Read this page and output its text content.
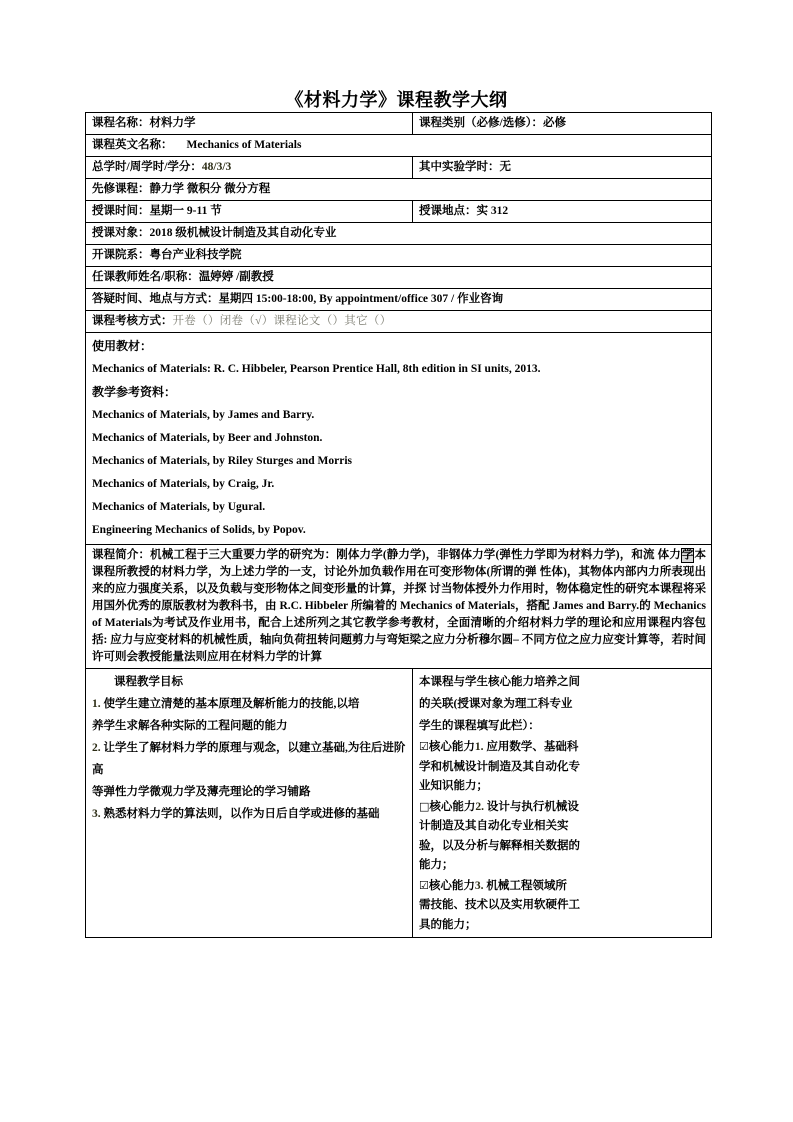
《材料力学》课程教学大纲
课程名称：材料力学	课程类别（必修/选修）：必修
课程英文名称： Mechanics of Materials	
总学时/周学时/学分：48/3/3	其中实验学时：无
先修课程：静力学 微积分 微分方程	
授课时间：星期一 9-11 节	授课地点：实 312
授课对象：2018 级机械设计制造及其自动化专业	
开课院系：粤台产业科技学院	
任课教师姓名/职称：温婷婷 /副教授	
答疑时间、地点与方式：星期四 15:00-18:00, By appointment/office 307 / 作业咨询	
课程考核方式：开卷（）闭卷（√）课程论文（）其它（）	

使用教材：
Mechanics of Materials: R. C. Hibbeler, Pearson Prentice Hall, 8th edition in SI units, 2013.
教学参考资料：
Mechanics of Materials, by James and Barry.
Mechanics of Materials, by Beer and Johnston.
Mechanics of Materials, by Riley Sturges and Morris
Mechanics of Materials, by Craig, Jr.
Mechanics of Materials, by Ugural.
Engineering Mechanics of Solids, by Popov.

课程简介：机械工程于三大重要力学的研究为：刚体力学(静力学)，非钢体力学(弹性力学即为材料力学)，和流 体力学本课程所教授的材料力学，为上述力学的一支，讨论外加负载作用在可变形物体(所谓的弹 性体)，其物体内部内力所表现出来的应力强度关系，以及负载与变形物体之间变形量的计算，并探 讨当物体授外力作用时，物体稳定性的研究本课程将采用国外优秀的原版教材为教科书，由 R.C. Hibbeler 所编着的 Mechanics of Materials，搭配 James and Barry.的 Mechanics of Materials为考试及作业用书，配合上述所列之其它教学参考教材，全面清晰的介绍材料力学的理论和应用课程内容包括: 应力与应变材料的机械性质，轴向负荷扭转问题剪力与弯矩梁之应力分析穆尔圆– 不同方位之应力应变计算等，若时间许可则会教授能量法则应用在材料力学的计算	

课程教学目标
1. 使学生建立清楚的基本原理及解析能力的技能,以培
养学生求解各种实际的工程问题的能力
2. 让学生了解材料力学的原理与观念，以建立基础,为往后进阶高
等弹性力学微观力学及薄壳理论的学习铺路
3. 熟悉材料力学的算法则，以作为日后自学或进修的基础

本课程与学生核心能力培养之间
的关联(授课对象为理工科专业
学生的课程填写此栏）：
☑核心能力1. 应用数学、基础科
学和机械设计制造及其自动化专
业知识能力；
□核心能力2. 设计与执行机械设
计制造及其自动化专业相关实
验，以及分析与解释相关数据的
能力；
☑核心能力3. 机械工程领域所
需技能、技术以及实用软硬件工
具的能力；
